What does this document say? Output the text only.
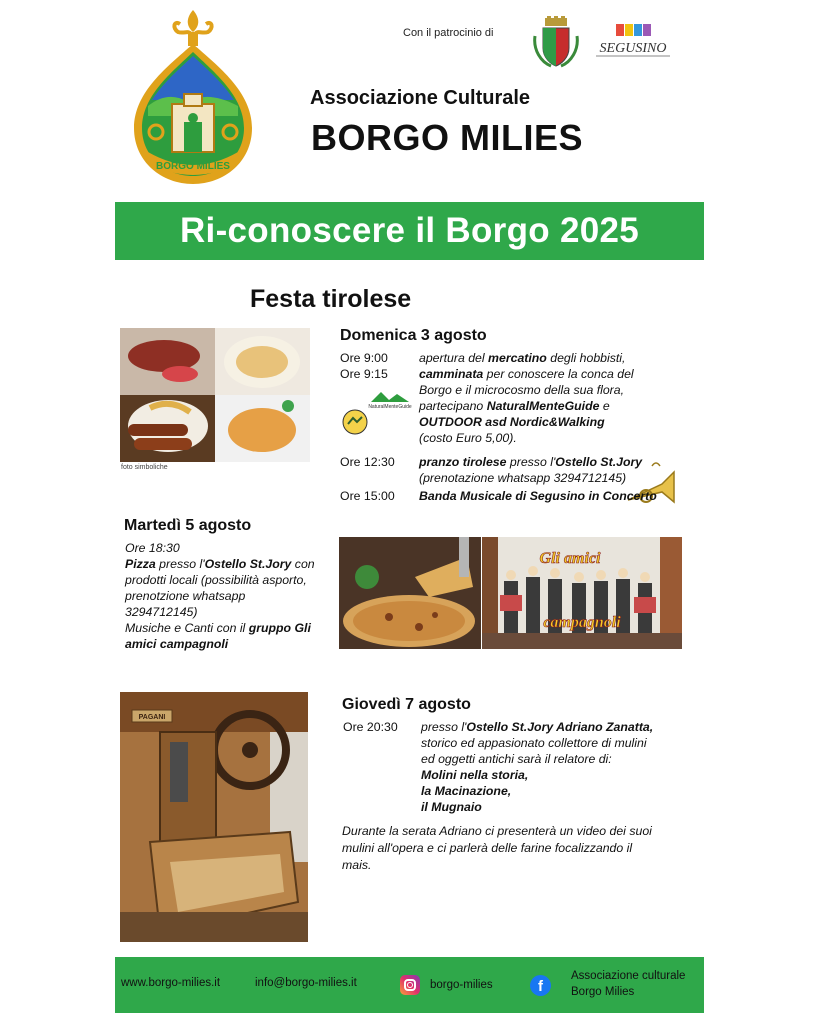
BORGO MILIES
Con il patrocinio di
SEGUSINO
Associazione Culturale
BORGO MILIES
Ri-conoscere il Borgo 2025
Festa tirolese
foto simboliche
Domenica 3 agosto
NaturalMenteGuide
Martedì 5 agosto
Gli amici
campagnoli
PAGANI
Giovedì 7 agosto
www.borgo-milies.it	info@borgo-milies.it	borgo-milies	f
Associazione culturale
Borgo Milies
Ore 9:00	apertura del mercatino degli hobbisti,
Ore 9:15	camminata per conoscere la conca del
Borgo e il microcosmo della sua flora,
partecipano NaturalMenteGuide e
OUTDOOR asd Nordic&Walking
(costo Euro 5,00).
Ore 12:30 pranzo tirolese presso l'Ostello St.Jory
(prenotazione whatsapp 3294712145)
Ore 15:00 Banda Musicale di Segusino in Concerto
Ore 18:30
Pizza presso l'Ostello St.Jory con
prodotti locali (possibilità asporto,
prenotzione whatsapp
3294712145)
Musiche e Canti con il gruppo Gli
amici campagnoli
Ore 20:30 presso l'Ostello St.Jory Adriano Zanatta,
storico ed appasionato collettore di mulini
ed oggetti antichi sarà il relatore di:
Molini nella storia,
la Macinazione,
il Mugnaio
Durante la serata Adriano ci presenterà un video dei suoi
mulini all'opera e ci parlerà delle farine focalizzando il
mais.
